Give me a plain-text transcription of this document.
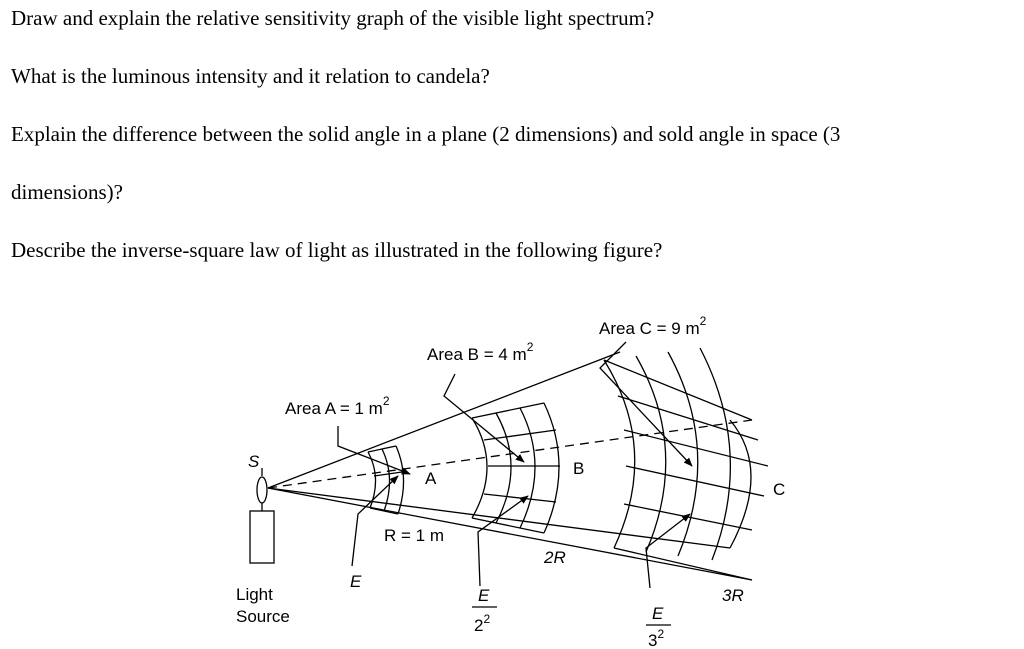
Draw and explain the relative sensitivity graph of the visible light spectrum?
What is the luminous intensity and it relation to candela?
Explain the difference between the solid angle in a plane (2 dimensions) and sold angle in space (3
dimensions)?
Describe the inverse-square law of light as illustrated in the following figure?
Area C = 9 $m^2$
Area B = 4 $m^2$
Area A = 1 $m^2$
S
A
B
C
R = 1 m
2R
3R
E
E
$2^2$	E
$3^2$
Light
Source
